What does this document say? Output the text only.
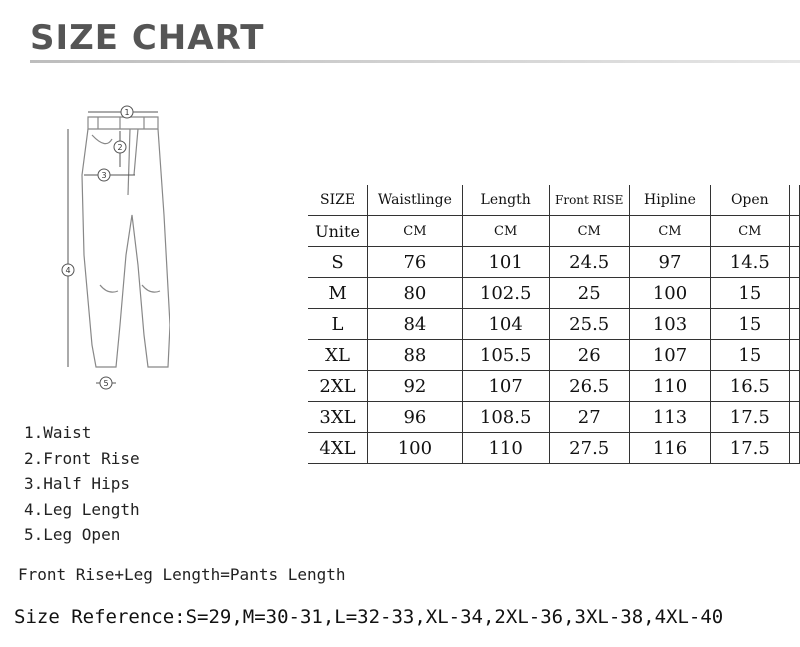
SIZE CHART
1
2
3
4
5
1.Waist
2.Front Rise
3.Half Hips
4.Leg Length
5.Leg Open
SIZE	Waistlinge	Length	Front RISE	Hipline	Open	
Unite	CM	CM	CM	CM	CM	
S	76	101	24.5	97	14.5	
M	80	102.5	25	100	15	
L	84	104	25.5	103	15	
XL	88	105.5	26	107	15	
2XL	92	107	26.5	110	16.5	
3XL	96	108.5	27	113	17.5	
4XL	100	110	27.5	116	17.5	
Front Rise+Leg Length=Pants Length
Size Reference:S=29,M=30-31,L=32-33,XL-34,2XL-36,3XL-38,4XL-40
